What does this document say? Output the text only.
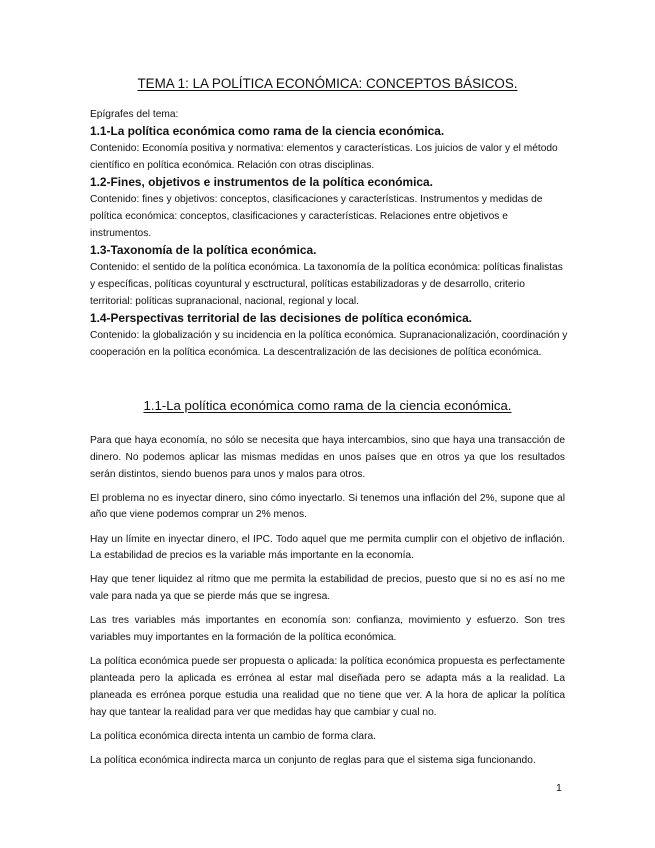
TEMA 1: LA POLÍTICA ECONÓMICA: CONCEPTOS BÁSICOS.

Epígrafes del tema:

1.1-La política económica como rama de la ciencia económica.

Contenido: Economía positiva y normativa: elementos y características. Los juicios de valor y el método científico en política económica. Relación con otras disciplinas.

1.2-Fines, objetivos e instrumentos de la política económica.

Contenido: fines y objetivos: conceptos, clasificaciones y características. Instrumentos y medidas de política económica: conceptos, clasificaciones y características. Relaciones entre objetivos e instrumentos.

1.3-Taxonomía de la política económica.

Contenido: el sentido de la política económica. La taxonomía de la política económica: políticas finalistas y específicas, políticas coyuntural y esctructural, políticas estabilizadoras y de desarrollo, criterio territorial: políticas supranacional, nacional, regional y local.

1.4-Perspectivas territorial de las decisiones de política económica.

Contenido: la globalización y su incidencia en la política económica. Supranacionalización, coordinación y cooperación en la política económica. La descentralización de las decisiones de política económica.

1.1-La política económica como rama de la ciencia económica.

Para que haya economía, no sólo se necesita que haya intercambios, sino que haya una transacción de dinero. No podemos aplicar las mismas medidas en unos países que en otros ya que los resultados serán distintos, siendo buenos para unos y malos para otros.

El problema no es inyectar dinero, sino cómo inyectarlo. Si tenemos una inflación del 2%, supone que al año que viene podemos comprar un 2% menos.

Hay un límite en inyectar dinero, el IPC. Todo aquel que me permita cumplir con el objetivo de inflación. La estabilidad de precios es la variable más importante en la economía.

Hay que tener liquidez al ritmo que me permita la estabilidad de precios, puesto que si no es así no me vale para nada ya que se pierde más que se ingresa.

Las tres variables más importantes en economía son: confianza, movimiento y esfuerzo. Son tres variables muy importantes en la formación de la política económica.

La política económica puede ser propuesta o aplicada: la política económica propuesta es perfectamente planteada pero la aplicada es errónea al estar mal diseñada pero se adapta más a la realidad. La planeada es errónea porque estudia una realidad que no tiene que ver. A la hora de aplicar la política hay que tantear la realidad para ver que medidas hay que cambiar y cual no.

La política económica directa intenta un cambio de forma clara.

La política económica indirecta marca un conjunto de reglas para que el sistema siga funcionando.

1
